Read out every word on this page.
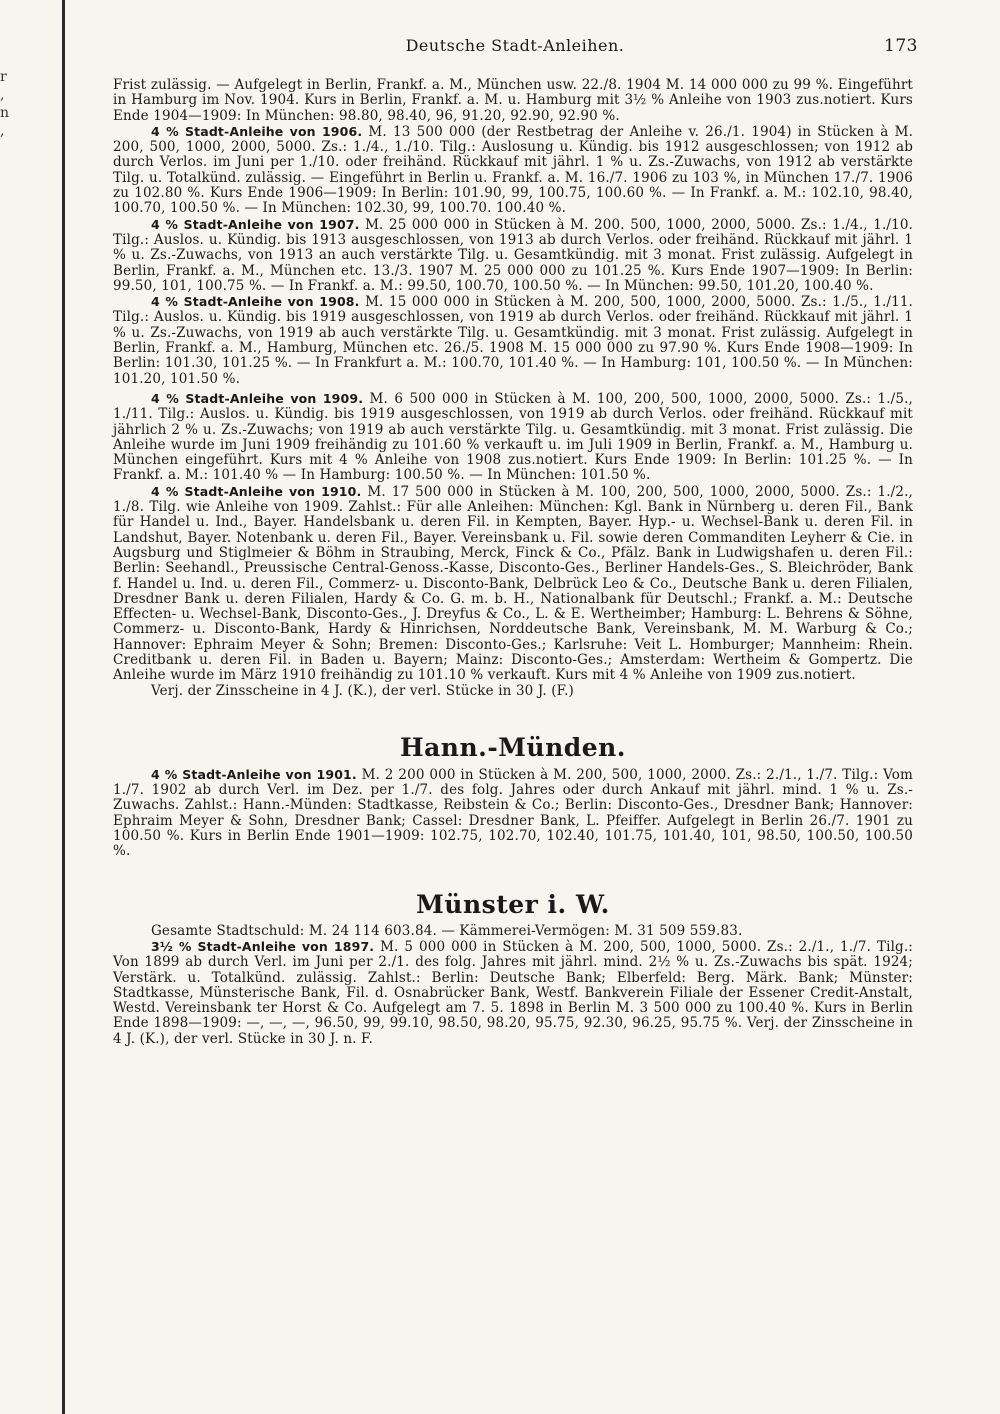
r
,
n
,
Deutsche Stadt-Anleihen.	173

Frist zulässig. — Aufgelegt in Berlin, Frankf. a. M., München usw. 22./8. 1904 M. 14 000 000 zu 99 %. Eingeführt in Hamburg im Nov. 1904. Kurs in Berlin, Frankf. a. M. u. Hamburg mit 3½ % Anleihe von 1903 zus.notiert. Kurs Ende 1904—1909: In München: 98.80, 98.40, 96, 91.20, 92.90, 92.90 %.

4 % Stadt-Anleihe von 1906. M. 13 500 000 (der Restbetrag der Anleihe v. 26./1. 1904) in Stücken à M. 200, 500, 1000, 2000, 5000. Zs.: 1./4., 1./10. Tilg.: Auslosung u. Kündig. bis 1912 ausgeschlossen; von 1912 ab durch Verlos. im Juni per 1./10. oder freihänd. Rückkauf mit jährl. 1 % u. Zs.-Zuwachs, von 1912 ab verstärkte Tilg. u. Totalkünd. zulässig. — Eingeführt in Berlin u. Frankf. a. M. 16./7. 1906 zu 103 %, in München 17./7. 1906 zu 102.80 %. Kurs Ende 1906—1909: In Berlin: 101.90, 99, 100.75, 100.60 %. — In Frankf. a. M.: 102.10, 98.40, 100.70, 100.50 %. — In München: 102.30, 99, 100.70. 100.40 %.

4 % Stadt-Anleihe von 1907. M. 25 000 000 in Stücken à M. 200. 500, 1000, 2000, 5000. Zs.: 1./4., 1./10. Tilg.: Auslos. u. Kündig. bis 1913 ausgeschlossen, von 1913 ab durch Verlos. oder freihänd. Rückkauf mit jährl. 1 % u. Zs.-Zuwachs, von 1913 an auch verstärkte Tilg. u. Gesamtkündig. mit 3 monat. Frist zulässig. Aufgelegt in Berlin, Frankf. a. M., München etc. 13./3. 1907 M. 25 000 000 zu 101.25 %. Kurs Ende 1907—1909: In Berlin: 99.50, 101, 100.75 %. — In Frankf. a. M.: 99.50, 100.70, 100.50 %. — In München: 99.50, 101.20, 100.40 %.

4 % Stadt-Anleihe von 1908. M. 15 000 000 in Stücken à M. 200, 500, 1000, 2000, 5000. Zs.: 1./5., 1./11. Tilg.: Auslos. u. Kündig. bis 1919 ausgeschlossen, von 1919 ab durch Verlos. oder freihänd. Rückkauf mit jährl. 1 % u. Zs.-Zuwachs, von 1919 ab auch verstärkte Tilg. u. Gesamtkündig. mit 3 monat. Frist zulässig. Aufgelegt in Berlin, Frankf. a. M., Hamburg, München etc. 26./5. 1908 M. 15 000 000 zu 97.90 %. Kurs Ende 1908—1909: In Berlin: 101.30, 101.25 %. — In Frankfurt a. M.: 100.70, 101.40 %. — In Hamburg: 101, 100.50 %. — In München: 101.20, 101.50 %.

4 % Stadt-Anleihe von 1909. M. 6 500 000 in Stücken à M. 100, 200, 500, 1000, 2000, 5000. Zs.: 1./5., 1./11. Tilg.: Auslos. u. Kündig. bis 1919 ausgeschlossen, von 1919 ab durch Verlos. oder freihänd. Rückkauf mit jährlich 2 % u. Zs.-Zuwachs; von 1919 ab auch verstärkte Tilg. u. Gesamtkündig. mit 3 monat. Frist zulässig. Die Anleihe wurde im Juni 1909 freihändig zu 101.60 % verkauft u. im Juli 1909 in Berlin, Frankf. a. M., Hamburg u. München eingeführt. Kurs mit 4 % Anleihe von 1908 zus.notiert. Kurs Ende 1909: In Berlin: 101.25 %. — In Frankf. a. M.: 101.40 % — In Hamburg: 100.50 %. — In München: 101.50 %.

4 % Stadt-Anleihe von 1910. M. 17 500 000 in Stücken à M. 100, 200, 500, 1000, 2000, 5000. Zs.: 1./2., 1./8. Tilg. wie Anleihe von 1909. Zahlst.: Für alle Anleihen: München: Kgl. Bank in Nürnberg u. deren Fil., Bank für Handel u. Ind., Bayer. Handelsbank u. deren Fil. in Kempten, Bayer. Hyp.- u. Wechsel-Bank u. deren Fil. in Landshut, Bayer. Notenbank u. deren Fil., Bayer. Vereinsbank u. Fil. sowie deren Commanditen Leyherr & Cie. in Augsburg und Stiglmeier & Böhm in Straubing, Merck, Finck & Co., Pfälz. Bank in Ludwigshafen u. deren Fil.: Berlin: Seehandl., Preussische Central-Genoss.-Kasse, Disconto-Ges., Berliner Handels-Ges., S. Bleichröder, Bank f. Handel u. Ind. u. deren Fil., Commerz- u. Disconto-Bank, Delbrück Leo & Co., Deutsche Bank u. deren Filialen, Dresdner Bank u. deren Filialen, Hardy & Co. G. m. b. H., Nationalbank für Deutschl.; Frankf. a. M.: Deutsche Effecten- u. Wechsel-Bank, Disconto-Ges., J. Dreyfus & Co., L. & E. Wertheimber; Hamburg: L. Behrens & Söhne, Commerz- u. Disconto-Bank, Hardy & Hinrichsen, Norddeutsche Bank, Vereinsbank, M. M. Warburg & Co.; Hannover: Ephraim Meyer & Sohn; Bremen: Disconto-Ges.; Karlsruhe: Veit L. Homburger; Mannheim: Rhein. Creditbank u. deren Fil. in Baden u. Bayern; Mainz: Disconto-Ges.; Amsterdam: Wertheim & Gompertz. Die Anleihe wurde im März 1910 freihändig zu 101.10 % verkauft. Kurs mit 4 % Anleihe von 1909 zus.notiert.

Verj. der Zinsscheine in 4 J. (K.), der verl. Stücke in 30 J. (F.)

Hann.-Münden.

4 % Stadt-Anleihe von 1901. M. 2 200 000 in Stücken à M. 200, 500, 1000, 2000. Zs.: 2./1., 1./7. Tilg.: Vom 1./7. 1902 ab durch Verl. im Dez. per 1./7. des folg. Jahres oder durch Ankauf mit jährl. mind. 1 % u. Zs.-Zuwachs. Zahlst.: Hann.-Münden: Stadtkasse, Reibstein & Co.; Berlin: Disconto-Ges., Dresdner Bank; Hannover: Ephraim Meyer & Sohn, Dresdner Bank; Cassel: Dresdner Bank, L. Pfeiffer. Aufgelegt in Berlin 26./7. 1901 zu 100.50 %. Kurs in Berlin Ende 1901—1909: 102.75, 102.70, 102.40, 101.75, 101.40, 101, 98.50, 100.50, 100.50 %.

Münster i. W.

Gesamte Stadtschuld: M. 24 114 603.84. — Kämmerei-Vermögen: M. 31 509 559.83.

3½ % Stadt-Anleihe von 1897. M. 5 000 000 in Stücken à M. 200, 500, 1000, 5000. Zs.: 2./1., 1./7. Tilg.: Von 1899 ab durch Verl. im Juni per 2./1. des folg. Jahres mit jährl. mind. 2½ % u. Zs.-Zuwachs bis spät. 1924; Verstärk. u. Totalkünd. zulässig. Zahlst.: Berlin: Deutsche Bank; Elberfeld: Berg. Märk. Bank; Münster: Stadtkasse, Münsterische Bank, Fil. d. Osnabrücker Bank, Westf. Bankverein Filiale der Essener Credit-Anstalt, Westd. Vereinsbank ter Horst & Co. Aufgelegt am 7. 5. 1898 in Berlin M. 3 500 000 zu 100.40 %. Kurs in Berlin Ende 1898—1909: —, —, —, 96.50, 99, 99.10, 98.50, 98.20, 95.75, 92.30, 96.25, 95.75 %. Verj. der Zinsscheine in 4 J. (K.), der verl. Stücke in 30 J. n. F.
